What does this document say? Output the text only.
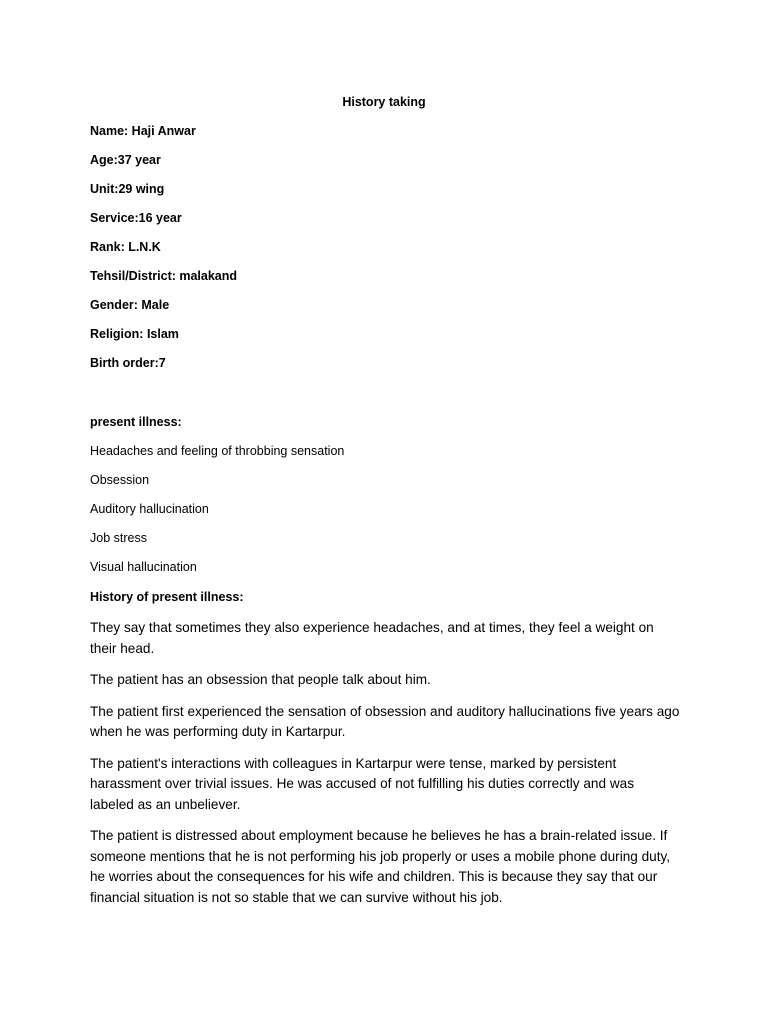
History taking
Name: Haji Anwar
Age:37 year
Unit:29 wing
Service:16 year
Rank: L.N.K
Tehsil/District: malakand
Gender: Male
Religion: Islam
Birth order:7
present illness:
Headaches and feeling of throbbing sensation
Obsession
Auditory hallucination
Job stress
Visual hallucination
History of present illness:

They say that sometimes they also experience headaches, and at times, they feel a weight on their head.

The patient has an obsession that people talk about him.

The patient first experienced the sensation of obsession and auditory hallucinations five years ago when he was performing duty in Kartarpur.

The patient's interactions with colleagues in Kartarpur were tense, marked by persistent harassment over trivial issues. He was accused of not fulfilling his duties correctly and was labeled as an unbeliever.

The patient is distressed about employment because he believes he has a brain-related issue. If someone mentions that he is not performing his job properly or uses a mobile phone during duty, he worries about the consequences for his wife and children. This is because they say that our financial situation is not so stable that we can survive without his job.
